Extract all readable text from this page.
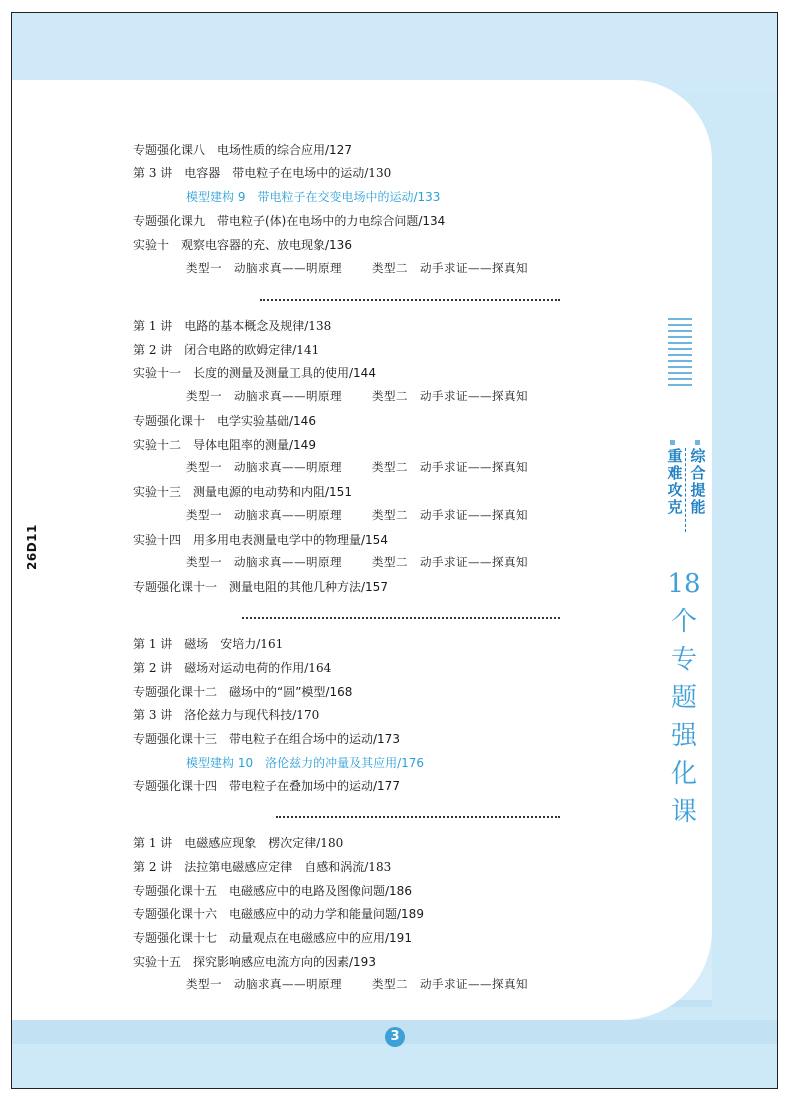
重难攻克
综合提能
18个专题强化课
26D11
专题强化课八　电场性质的综合应用/127
第 3 讲　电容器　带电粒子在电场中的运动/130
模型建构 9　带电粒子在交变电场中的运动/133
专题强化课九　带电粒子(体)在电场中的力电综合问题/134
实验十　观察电容器的充、放电现象/136
类型一　动脑求真——明原理	类型二　动手求证——探真知
第 1 讲　电路的基本概念及规律/138
第 2 讲　闭合电路的欧姆定律/141
实验十一　长度的测量及测量工具的使用/144
类型一　动脑求真——明原理	类型二　动手求证——探真知
专题强化课十　电学实验基础/146
实验十二　导体电阻率的测量/149
类型一　动脑求真——明原理	类型二　动手求证——探真知
实验十三　测量电源的电动势和内阻/151
类型一　动脑求真——明原理	类型二　动手求证——探真知
实验十四　用多用电表测量电学中的物理量/154
类型一　动脑求真——明原理	类型二　动手求证——探真知
专题强化课十一　测量电阻的其他几种方法/157
第 1 讲　磁场　安培力/161
第 2 讲　磁场对运动电荷的作用/164
专题强化课十二　磁场中的“圆”模型/168
第 3 讲　洛伦兹力与现代科技/170
专题强化课十三　带电粒子在组合场中的运动/173
模型建构 10　洛伦兹力的冲量及其应用/176
专题强化课十四　带电粒子在叠加场中的运动/177
第 1 讲　电磁感应现象　楞次定律/180
第 2 讲　法拉第电磁感应定律　自感和涡流/183
专题强化课十五　电磁感应中的电路及图像问题/186
专题强化课十六　电磁感应中的动力学和能量问题/189
专题强化课十七　动量观点在电磁感应中的应用/191
实验十五　探究影响感应电流方向的因素/193
类型一　动脑求真——明原理	类型二　动手求证——探真知
3
